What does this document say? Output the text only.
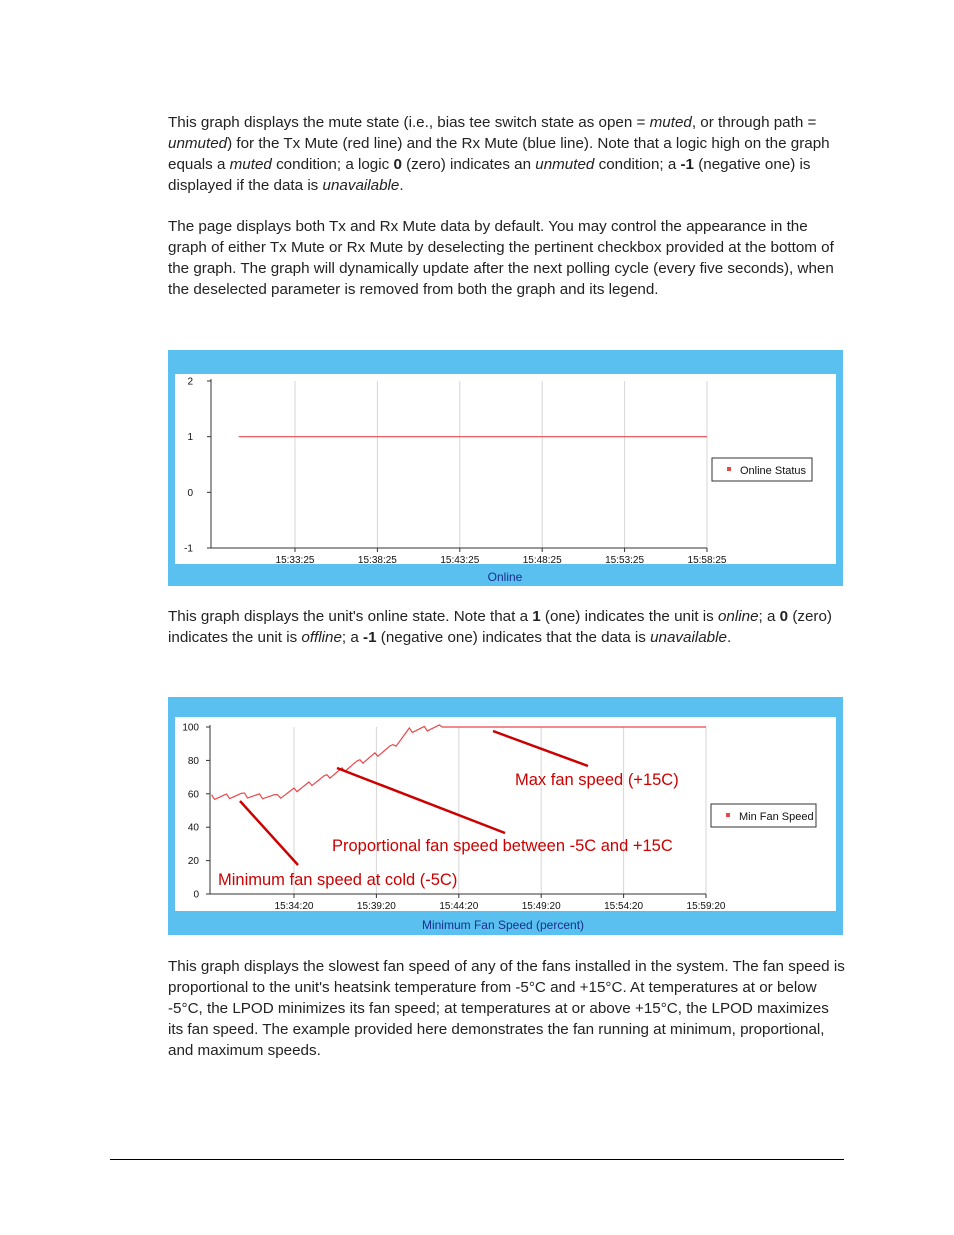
This graph displays the mute state (i.e., bias tee switch state as open = muted, or through path = unmuted) for the Tx Mute (red line) and the Rx Mute (blue line). Note that a logic high on the graph equals a muted condition; a logic 0 (zero) indicates an unmuted condition; a -1 (negative one) is displayed if the data is unavailable.

The page displays both Tx and Rx Mute data by default. You may control the appearance in the graph of either Tx Mute or Rx Mute by deselecting the pertinent checkbox provided at the bottom of the graph. The graph will dynamically update after the next polling cycle (every five seconds), when the deselected parameter is removed from both the graph and its legend.

15:33:25	15:38:25	15:43:25	15:48:25	15:53:25	15:58:25
2
1
0
-1
Online Status
Online

This graph displays the unit's online state. Note that a 1 (one) indicates the unit is online; a 0 (zero) indicates the unit is offline; a -1 (negative one) indicates that the data is unavailable.

15:34:20	15:39:20	15:44:20	15:49:20	15:54:20	15:59:20
100
80
60
40
20
0
Min Fan Speed
Max fan speed (+15C)
Proportional fan speed between -5C and +15C
Minimum fan speed at cold (-5C)
Minimum Fan Speed (percent)

This graph displays the slowest fan speed of any of the fans installed in the system. The fan speed is proportional to the unit's heatsink temperature from -5°C and +15°C. At temperatures at or below -5°C, the LPOD minimizes its fan speed; at temperatures at or above +15°C, the LPOD maximizes its fan speed. The example provided here demonstrates the fan running at minimum, proportional, and maximum speeds.
